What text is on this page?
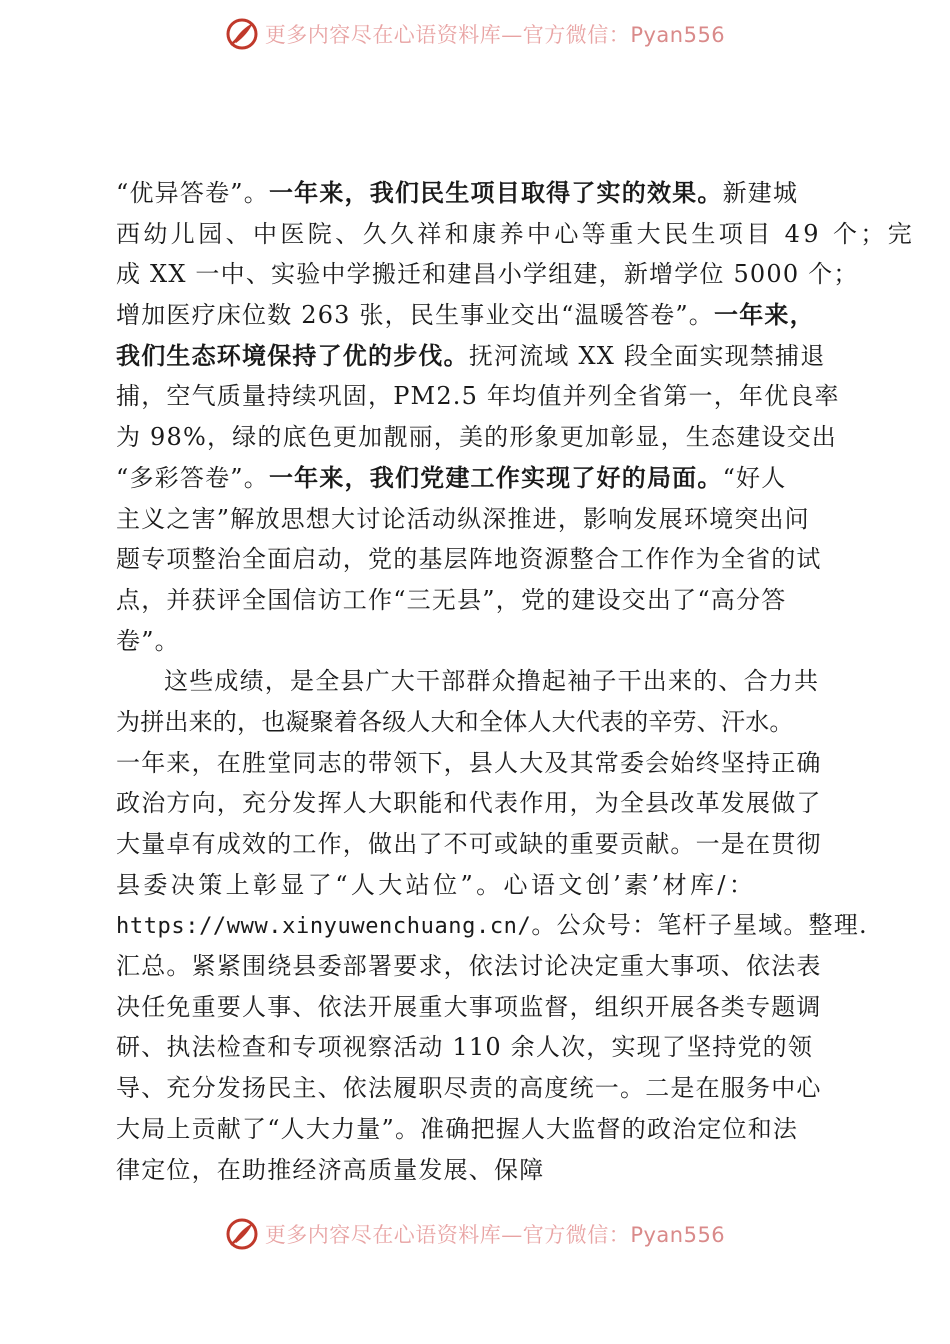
更多内容尽在心语资料库—官方微信：Pyan556
“优异答卷”。一年来，我们民生项目取得了实的效果。新建城
西幼儿园、中医院、久久祥和康养中心等重大民生项目 49 个；完
成 XX 一中、实验中学搬迁和建昌小学组建，新增学位 5000 个；
增加医疗床位数 263 张，民生事业交出“温暖答卷”。一年来，
我们生态环境保持了优的步伐。抚河流域 XX 段全面实现禁捕退
捕，空气质量持续巩固，PM2.5 年均值并列全省第一，年优良率
为 98%，绿的底色更加靓丽，美的形象更加彰显，生态建设交出
“多彩答卷”。一年来，我们党建工作实现了好的局面。“好人
主义之害”解放思想大讨论活动纵深推进，影响发展环境突出问
题专项整治全面启动，党的基层阵地资源整合工作作为全省的试
点，并获评全国信访工作“三无县”，党的建设交出了“高分答
卷”。
这些成绩，是全县广大干部群众撸起袖子干出来的、合力共
为拼出来的，也凝聚着各级人大和全体人大代表的辛劳、汗水。
一年来，在胜堂同志的带领下，县人大及其常委会始终坚持正确
政治方向，充分发挥人大职能和代表作用，为全县改革发展做了
大量卓有成效的工作，做出了不可或缺的重要贡献。一是在贯彻
县委决策上彰显了“人大站位”。心语文创’素’材库/：
https://www.xinyuwenchuang.cn/。公众号：笔杆子星域。整理.
汇总。紧紧围绕县委部署要求，依法讨论决定重大事项、依法表
决任免重要人事、依法开展重大事项监督，组织开展各类专题调
研、执法检查和专项视察活动 110 余人次，实现了坚持党的领
导、充分发扬民主、依法履职尽责的高度统一。二是在服务中心
大局上贡献了“人大力量”。准确把握人大监督的政治定位和法
律定位，在助推经济高质量发展、保障
更多内容尽在心语资料库—官方微信：Pyan556
